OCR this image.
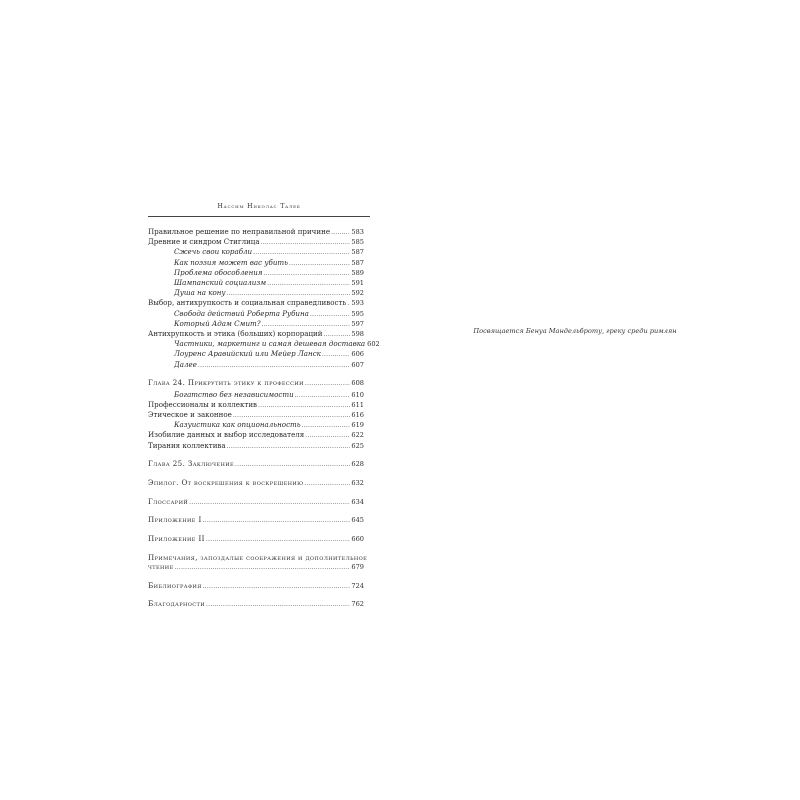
Нассим Николас Талеб
Правильное решение по неправильной причине .....	583
Древние и синдром Стиглица .....	585
Сжечь свои корабли .....	587
Как поэзия может вас убить .....	587
Проблема обособления .....	589
Шампанский социализм .....	591
Душа на кону .....	592
Выбор, антихрупкость и социальная справедливость ..... 593
Свобода действий Роберта Рубина .....	595
Который Адам Смит? .....	597
Антихрупкость и этика (больших) корпораций .....	598
Частники, маркетинг и самая дешевая доставка 602
Лоуренс Аравийский или Мейер Ланск .....	606
Далее .....	607
Глава 24. Прикрутить этику к профессии .....	608
Богатство без независимости .....	610
Профессионалы и коллектив .....	611
Этическое и законное .....	616
Казуистика как опциональность .....	619
Изобилие данных и выбор исследователя .....	622
Тирания коллектива .....	625
Глава 25. Заключение .....	628
Эпилог. От воскрешения к воскрешению .....	632
Глоссарий .....	634
Приложение I .....	645
Приложение II .....	660
Примечания, запоздалые соображения и дополнительное
чтение .....	679
Библиография .....	724
Благодарности .....	762
Посвящается Бенуа Мандельброту, греку среди римлян
